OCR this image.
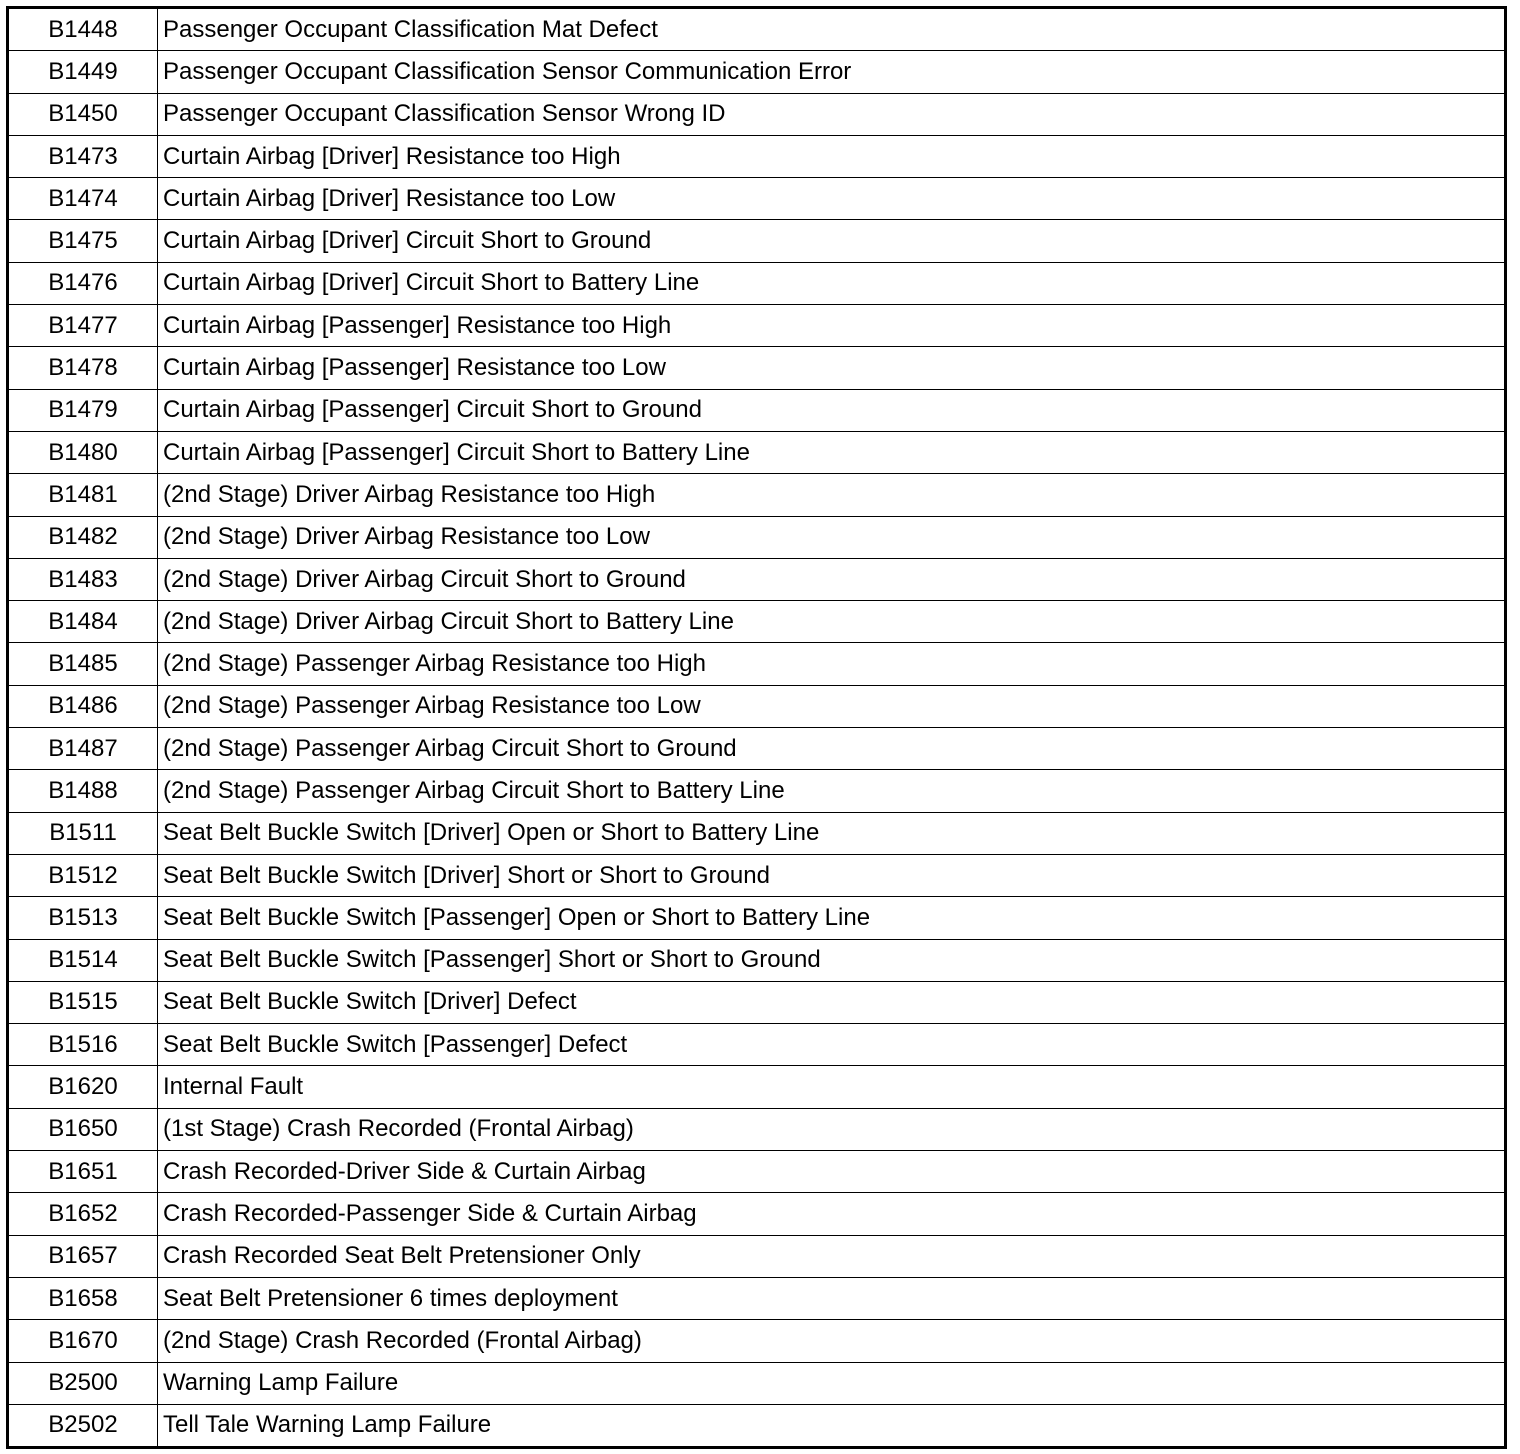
B1448	Passenger Occupant Classification Mat Defect
B1449	Passenger Occupant Classification Sensor Communication Error
B1450	Passenger Occupant Classification Sensor Wrong ID
B1473	Curtain Airbag [Driver] Resistance too High
B1474	Curtain Airbag [Driver] Resistance too Low
B1475	Curtain Airbag [Driver] Circuit Short to Ground
B1476	Curtain Airbag [Driver] Circuit Short to Battery Line
B1477	Curtain Airbag [Passenger] Resistance too High
B1478	Curtain Airbag [Passenger] Resistance too Low
B1479	Curtain Airbag [Passenger] Circuit Short to Ground
B1480	Curtain Airbag [Passenger] Circuit Short to Battery Line
B1481	(2nd Stage) Driver Airbag Resistance too High
B1482	(2nd Stage) Driver Airbag Resistance too Low
B1483	(2nd Stage) Driver Airbag Circuit Short to Ground
B1484	(2nd Stage) Driver Airbag Circuit Short to Battery Line
B1485	(2nd Stage) Passenger Airbag Resistance too High
B1486	(2nd Stage) Passenger Airbag Resistance too Low
B1487	(2nd Stage) Passenger Airbag Circuit Short to Ground
B1488	(2nd Stage) Passenger Airbag Circuit Short to Battery Line
B1511	Seat Belt Buckle Switch [Driver] Open or Short to Battery Line
B1512	Seat Belt Buckle Switch [Driver] Short or Short to Ground
B1513	Seat Belt Buckle Switch [Passenger] Open or Short to Battery Line
B1514	Seat Belt Buckle Switch [Passenger] Short or Short to Ground
B1515	Seat Belt Buckle Switch [Driver] Defect
B1516	Seat Belt Buckle Switch [Passenger] Defect
B1620	Internal Fault
B1650	(1st Stage) Crash Recorded (Frontal Airbag)
B1651	Crash Recorded-Driver Side & Curtain Airbag
B1652	Crash Recorded-Passenger Side & Curtain Airbag
B1657	Crash Recorded Seat Belt Pretensioner Only
B1658	Seat Belt Pretensioner 6 times deployment
B1670	(2nd Stage) Crash Recorded (Frontal Airbag)
B2500	Warning Lamp Failure
B2502	Tell Tale Warning Lamp Failure
